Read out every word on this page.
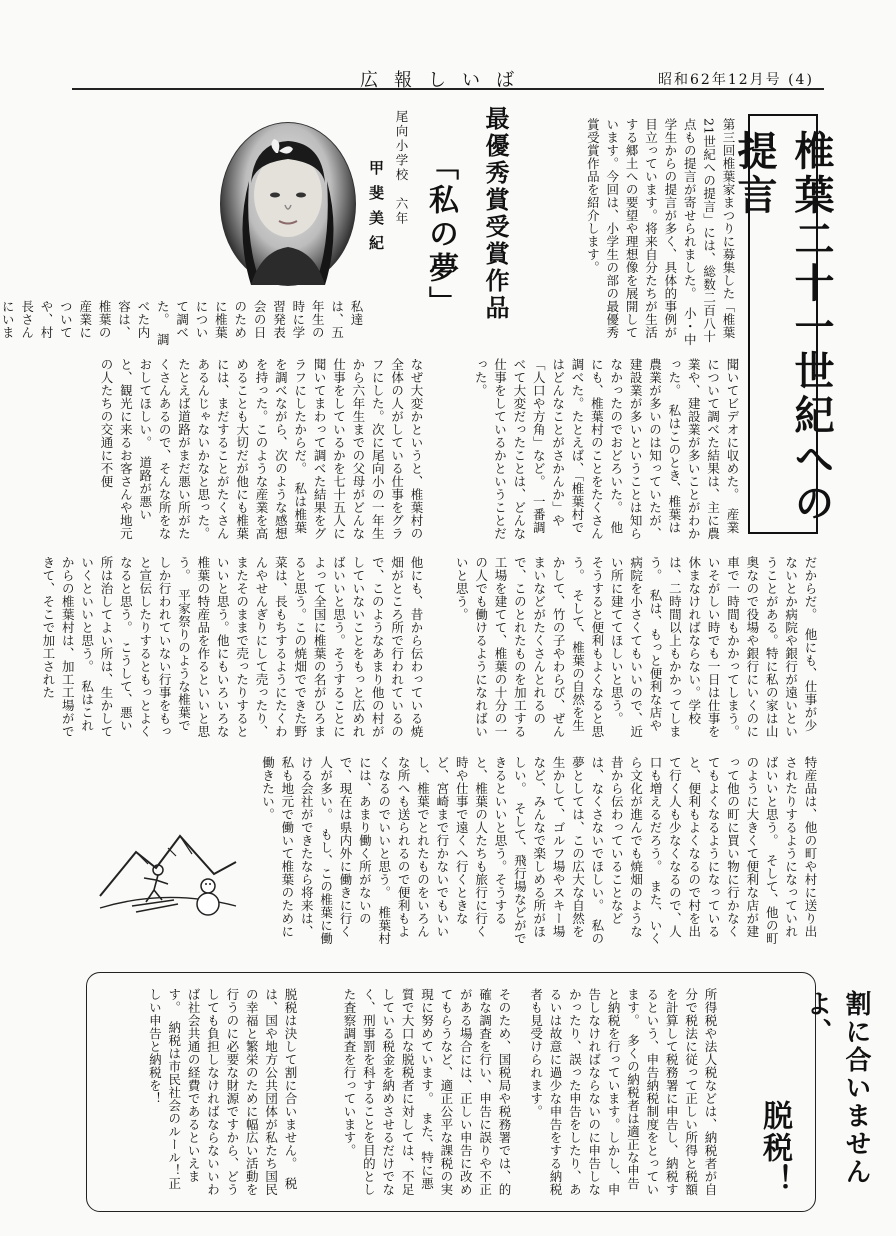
広報しいば	昭和62年12月号 (4)
椎葉二十一世紀への提言
第三回椎葉家まつりに募集した「椎葉21世紀への提言」には、総数二百八十点もの提言が寄せられました。　小・中学生からの提言が多く、具体的事例が目立っています。将来自分たちが生活する郷土への要望や理想像を展開しています。今回は、小学生の部の最優秀賞受賞作品を紹介します。
最優秀賞受賞作品
「私の夢」
尾向小学校　六年
甲斐美紀
私達は、五年生の時に学習発表会の日のために椎葉について調べた。　調べた内容は、椎葉の産業についてや、村長さんにいま
聞いてビデオに収めた。　産業について調べた結果は、主に農業や、建設業が多いことがわかった。　私はこのとき、椎葉は農業が多いのは知っていたが、建設業が多いということは知らなかったのでおどろいた。　他にも、椎葉村のことをたくさん調べた。たとえば、「椎葉村ではどんなことがさかんか」や「人口や方角」など。　一番調べて大変だったことは、どんな仕事をしているかということだった。
なぜ大変かというと、椎葉村の全体の人がしている仕事をグラフにした。次に尾向小の一年生から六年生までの父母がどんな仕事をしているかを七十五人に聞いてまわって調べた結果をグラフにしたからだ。　私は椎葉を調べながら、次のような感想を持った。このような産業を高めることも大切だが他にも椎葉には、まだすることがたくさんあるんじゃないかなと思った。　たとえば道路がまだ悪い所がたくさんあるので、そんな所をなおしてほしい。　道路が悪いと、観光に来るお客さんや地元の人たちの交通に不便
だからだ。　他にも、仕事が少ないとか病院や銀行が遠いということがある。特に私の家は山奥なので役場や銀行にいくのに車で一時間もかかってしまう。いそがしい時でも一日は仕事を休まなければならない。学校は、二時間以上もかかってしまう。　私は、もっと便利な店や病院を小さくてもいいので、近い所に建ててほしいと思う。　そうすると便利もよくなると思う。　そして、椎葉の自然を生かして、竹の子やわらび、ぜんまいなどがたくさんとれるので、このとれたものを加工する工場を建てて、椎葉の十分の一の人でも働けるようになればいいと思う。
他にも、昔から伝わっている焼畑がところ所で行われているので、このようなあまり他の村がしていないことをもっと広めればいいと思う。そうすることによって全国に椎葉の名がひろまると思う。この焼畑でできた野菜は、長もちするようにたくわんやせんぎりにして売ったり、またそのままで売ったりするといいと思う。他にもいろいろな椎葉の特産品を作るといいと思う。　平家祭りのような椎葉でしか行われていない行事をもっと宣伝したりするともっとよくなると思う。　こうして、悪い所は治してよい所は、生かしていくといいと思う。　私はこれからの椎葉村は、加工工場ができて、そこで加工された
特産品は、他の町や村に送り出されたりするようになっていればいいと思う。　そして、他の町のように大きくて便利な店が建って他の町に買い物に行かなくてもよくなるようになっていると、便利もよくなるので村を出て行く人も少なくなるので、人口も増えるだろう。　また、いくら文化が進んでも焼畑のような昔から伝わっていることなどは、なくさないでほしい。　私の夢としては、この広大な自然を生かして、ゴルフ場やスキー場など、みんなで楽しめる所がほしい。　そして、飛行場などができるといいと思う。そうすると、椎葉の人たちも旅行に行く時や仕事で遠くへ行くときなど、宮崎まで行かないでもいいし、椎葉でとれたものをいろんな所へも送られるので便利もよくなるのでいいと思う。　椎葉村には、あまり働く所がないので、現在は県内外に働きに行く人が多い。　もし、この椎葉に働ける会社ができたなら将来は、私も地元で働いて椎葉のために働きたい。
割に合いませんよ、
脱税！
所得税や法人税などは、納税者が自分で税法に従って正しい所得と税額を計算して税務署に申告し、納税するという、申告納税制度をとっています。　多くの納税者は適正な申告と納税を行っています。しかし、申告しなければならないのに申告しなかったり、誤った申告をしたり、あるいは故意に過少な申告をする納税者も見受けられます。
そのため、国税局や税務署では、的確な調査を行い、申告に誤りや不正がある場合には、正しい申告に改めてもらうなど、適正公平な課税の実現に努めています。　また、特に悪質で大口な脱税者に対しては、不足している税金を納めさせるだけでなく、刑事罰を科することを目的とした査察調査を行っています。
脱税は決して割に合いません。　税は、国や地方公共団体が私たち国民の幸福と繁栄のために幅広い活動を行うのに必要な財源ですから、どうしても負担しなければならないいわば社会共通の経費であるといえます。　納税は市民社会のルール！正しい申告と納税を！
